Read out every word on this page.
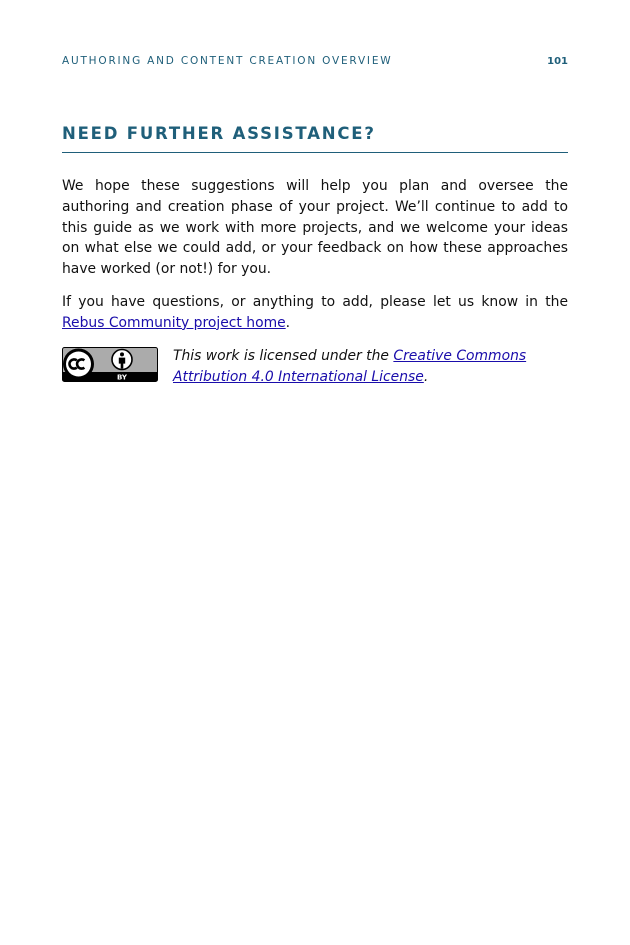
AUTHORING AND CONTENT CREATION OVERVIEW	101
NEED FURTHER ASSISTANCE?

We hope these suggestions will help you plan and oversee the authoring and creation phase of your project. We’ll continue to add to this guide as we work with more projects, and we welcome your ideas on what else we could add, or your feedback on how these approaches have worked (or not!) for you.

If you have questions, or anything to add, please let us know in the Rebus Community project home.

BY

This work is licensed under the Creative Commons Attribution 4.0 International License.
